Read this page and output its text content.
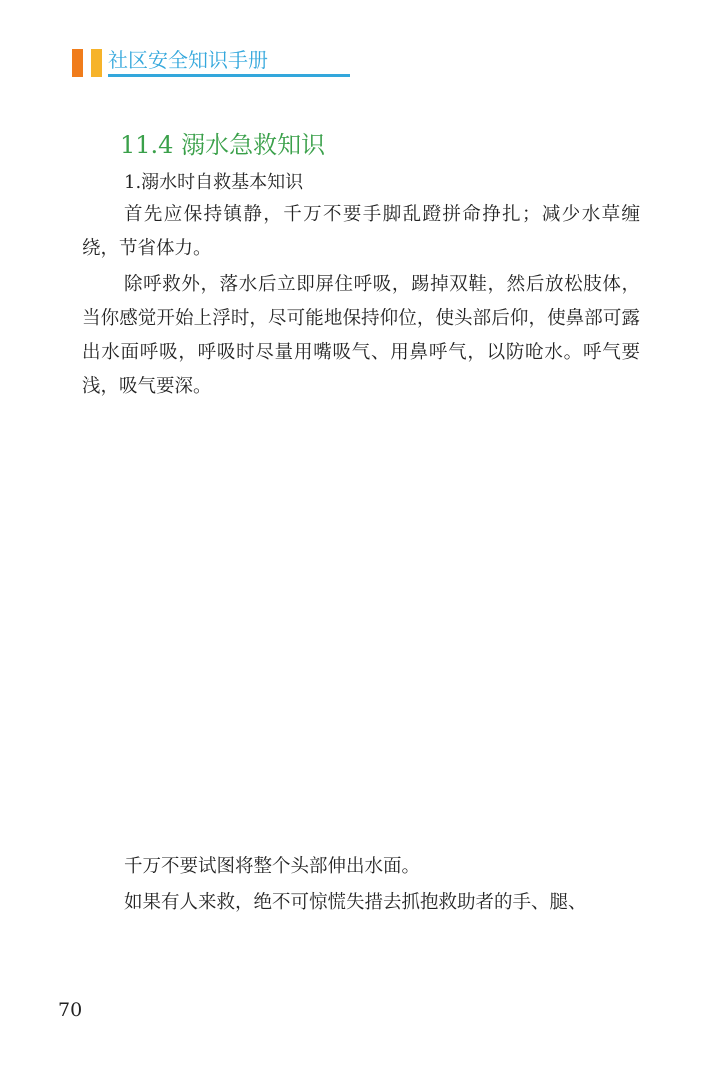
社区安全知识手册
11.4 溺水急救知识
1.溺水时自救基本知识

首先应保持镇静，千万不要手脚乱蹬拼命挣扎；减少水草缠绕，节省体力。

除呼救外，落水后立即屏住呼吸，踢掉双鞋，然后放松肢体，当你感觉开始上浮时，尽可能地保持仰位，使头部后仰，使鼻部可露出水面呼吸，呼吸时尽量用嘴吸气、用鼻呼气，以防呛水。呼气要浅，吸气要深。

千万不要试图将整个头部伸出水面。

如果有人来救，绝不可惊慌失措去抓抱救助者的手、腿、

70
